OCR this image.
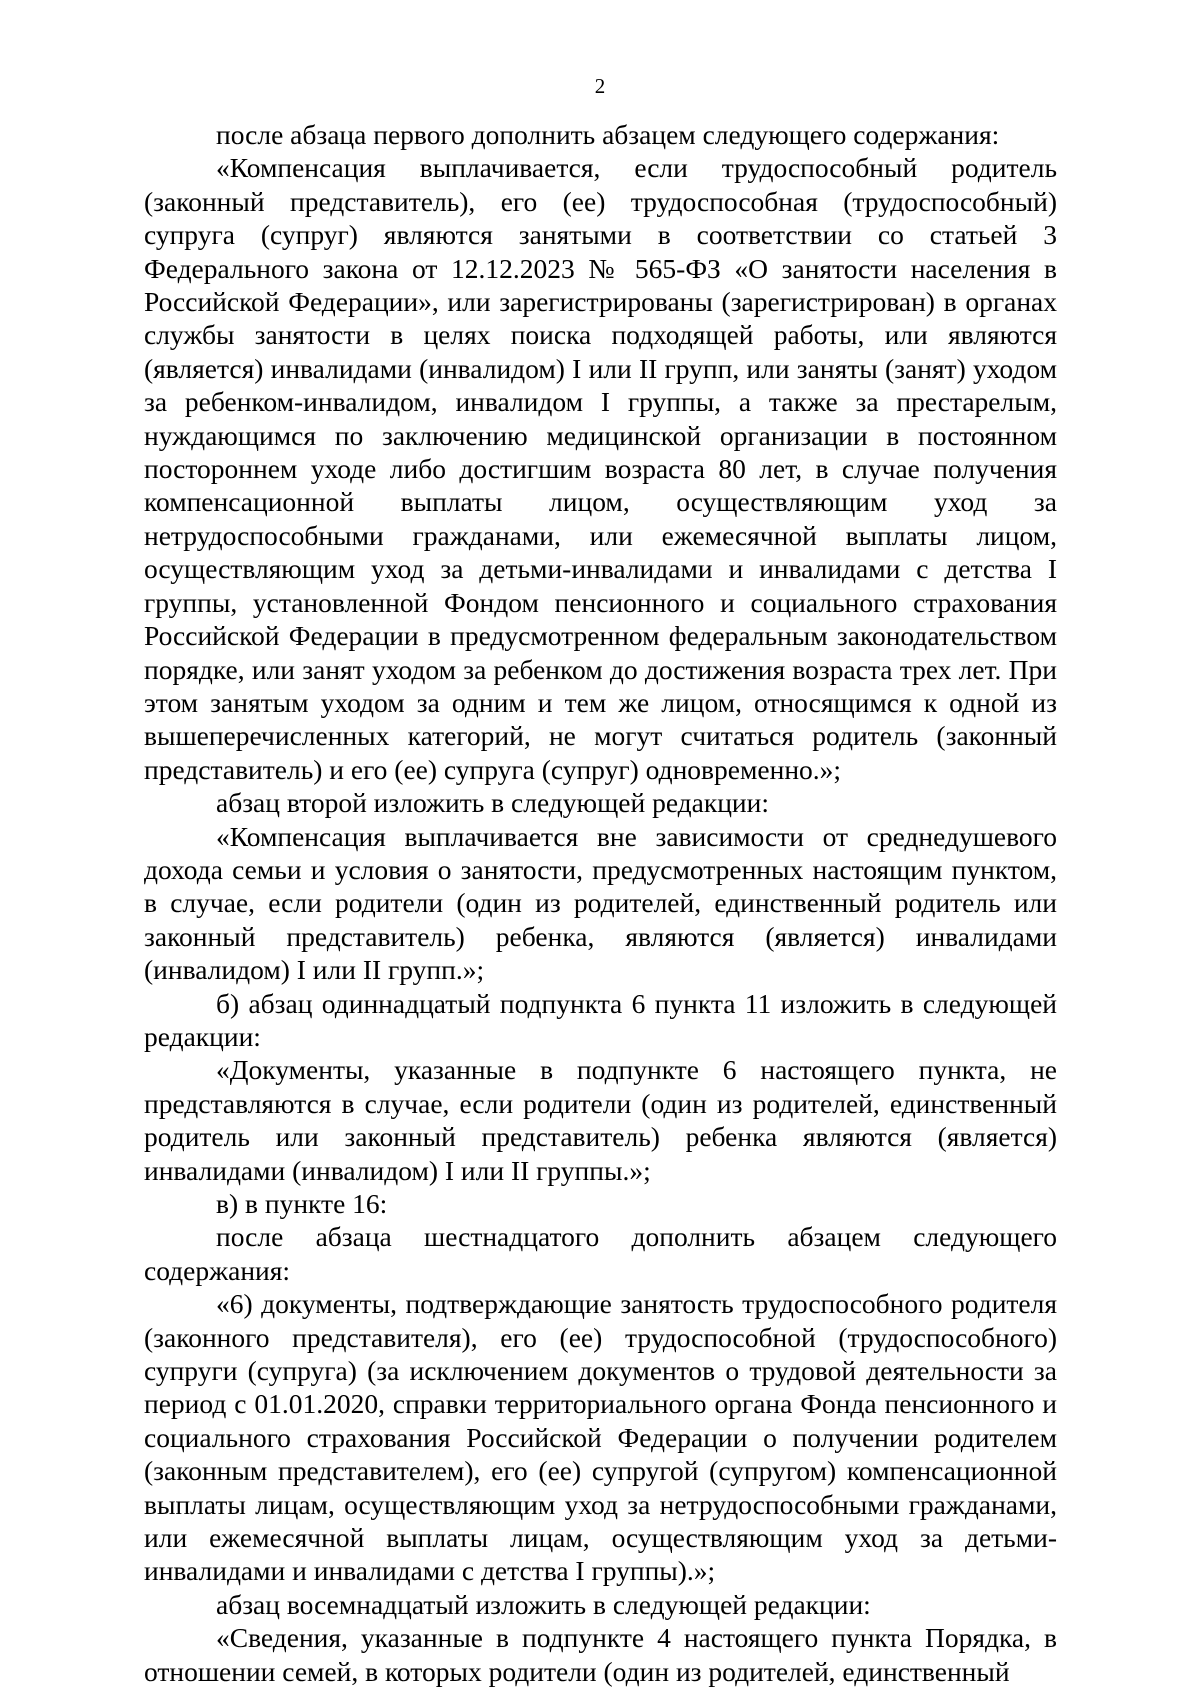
2

после абзаца первого дополнить абзацем следующего содержания:

«Компенсация выплачивается, если трудоспособный родитель (законный представитель), его (ее) трудоспособная (трудоспособный) супруга (супруг) являются занятыми в соответствии со статьей 3 Федерального закона от 12.12.2023 № 565-ФЗ «О занятости населения в Российской Федерации», или зарегистрированы (зарегистрирован) в органах службы занятости в целях поиска подходящей работы, или являются (является) инвалидами (инвалидом) I или II групп, или заняты (занят) уходом за ребенком-инвалидом, инвалидом I группы, а также за престарелым, нуждающимся по заключению медицинской организации в постоянном постороннем уходе либо достигшим возраста 80 лет, в случае получения компенсационной выплаты лицом, осуществляющим уход за нетрудоспособными гражданами, или ежемесячной выплаты лицом, осуществляющим уход за детьми-инвалидами и инвалидами с детства I группы, установленной Фондом пенсионного и социального страхования Российской Федерации в предусмотренном федеральным законодательством порядке, или занят уходом за ребенком до достижения возраста трех лет. При этом занятым уходом за одним и тем же лицом, относящимся к одной из вышеперечисленных категорий, не могут считаться родитель (законный представитель) и его (ее) супруга (супруг) одновременно.»;

абзац второй изложить в следующей редакции:

«Компенсация выплачивается вне зависимости от среднедушевого дохода семьи и условия о занятости, предусмотренных настоящим пунктом, в случае, если родители (один из родителей, единственный родитель или законный представитель) ребенка, являются (является) инвалидами (инвалидом) I или II групп.»;

б) абзац одиннадцатый подпункта 6 пункта 11 изложить в следующей редакции:

«Документы, указанные в подпункте 6 настоящего пункта, не представляются в случае, если родители (один из родителей, единственный родитель или законный представитель) ребенка являются (является) инвалидами (инвалидом) I или II группы.»;

в) в пункте 16:

после абзаца шестнадцатого дополнить абзацем следующего содержания:

«6) документы, подтверждающие занятость трудоспособного родителя (законного представителя), его (ее) трудоспособной (трудоспособного) супруги (супруга) (за исключением документов о трудовой деятельности за период с 01.01.2020, справки территориального органа Фонда пенсионного и социального страхования Российской Федерации о получении родителем (законным представителем), его (ее) супругой (супругом) компенсационной выплаты лицам, осуществляющим уход за нетрудоспособными гражданами, или ежемесячной выплаты лицам, осуществляющим уход за детьми-инвалидами и инвалидами с детства I группы).»;

абзац восемнадцатый изложить в следующей редакции:

«Сведения, указанные в подпункте 4 настоящего пункта Порядка, в отношении семей, в которых родители (один из родителей, единственный
